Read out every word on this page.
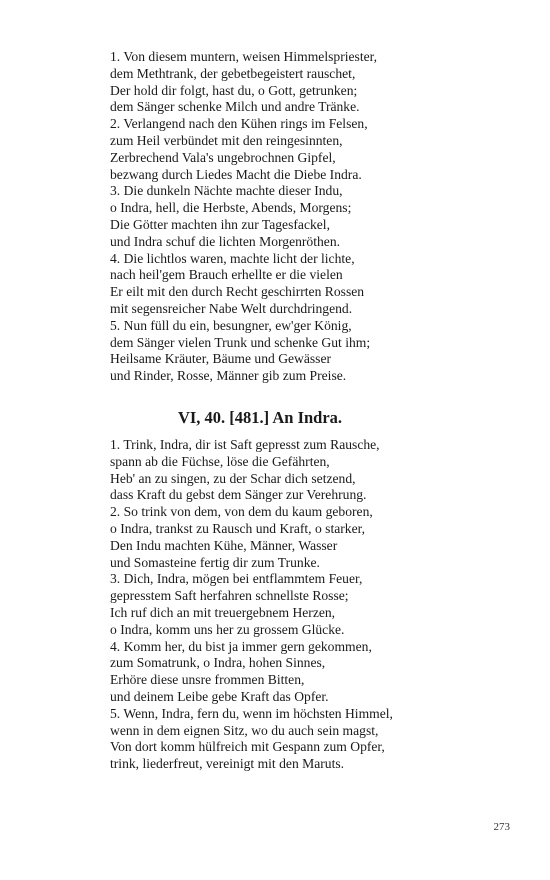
1. Von diesem muntern, weisen Himmelspriester,
dem Methtrank, der gebetbegeistert rauschet,
Der hold dir folgt, hast du, o Gott, getrunken;
dem Sänger schenke Milch und andre Tränke.
2. Verlangend nach den Kühen rings im Felsen,
zum Heil verbündet mit den reingesinnten,
Zerbrechend Vala's ungebrochnen Gipfel,
bezwang durch Liedes Macht die Diebe Indra.
3. Die dunkeln Nächte machte dieser Indu,
o Indra, hell, die Herbste, Abends, Morgens;
Die Götter machten ihn zur Tagesfackel,
und Indra schuf die lichten Morgenröthen.
4. Die lichtlos waren, machte licht der lichte,
nach heil'gem Brauch erhellte er die vielen
Er eilt mit den durch Recht geschirrten Rossen
mit segensreicher Nabe Welt durchdringend.
5. Nun füll du ein, besungner, ew'ger König,
dem Sänger vielen Trunk und schenke Gut ihm;
Heilsame Kräuter, Bäume und Gewässer
und Rinder, Rosse, Männer gib zum Preise.
VI, 40. [481.] An Indra.
1. Trink, Indra, dir ist Saft gepresst zum Rausche,
spann ab die Füchse, löse die Gefährten,
Heb' an zu singen, zu der Schar dich setzend,
dass Kraft du gebst dem Sänger zur Verehrung.
2. So trink von dem, von dem du kaum geboren,
o Indra, trankst zu Rausch und Kraft, o starker,
Den Indu machten Kühe, Männer, Wasser
und Somasteine fertig dir zum Trunke.
3. Dich, Indra, mögen bei entflammtem Feuer,
gepresstem Saft herfahren schnellste Rosse;
Ich ruf dich an mit treuergebnem Herzen,
o Indra, komm uns her zu grossem Glücke.
4. Komm her, du bist ja immer gern gekommen,
zum Somatrunk, o Indra, hohen Sinnes,
Erhöre diese unsre frommen Bitten,
und deinem Leibe gebe Kraft das Opfer.
5. Wenn, Indra, fern du, wenn im höchsten Himmel,
wenn in dem eignen Sitz, wo du auch sein magst,
Von dort komm hülfreich mit Gespann zum Opfer,
trink, liederfreut, vereinigt mit den Maruts.
273
